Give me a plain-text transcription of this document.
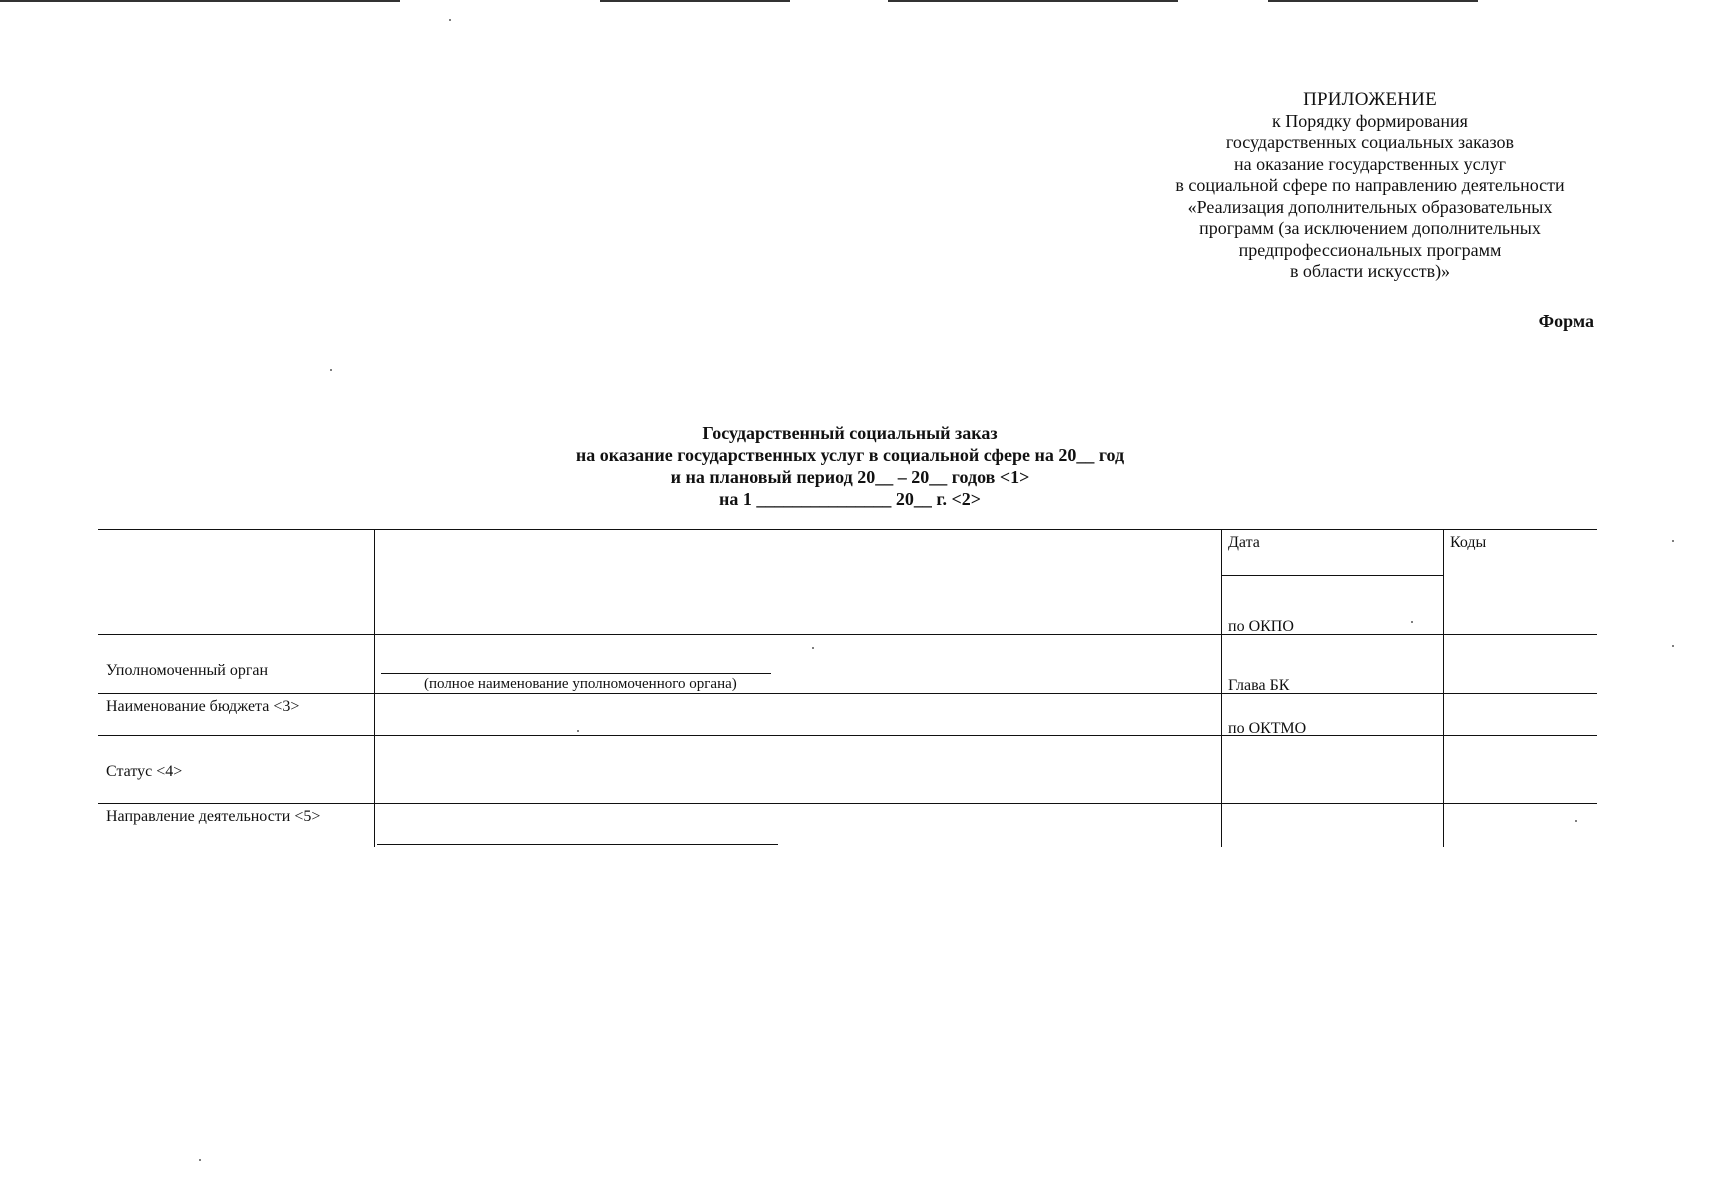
ПРИЛОЖЕНИЕ
к Порядку формирования
государственных социальных заказов
на оказание государственных услуг
в социальной сфере по направлению деятельности
«Реализация дополнительных образовательных
программ (за исключением дополнительных
предпрофессиональных программ
в области искусств)»
Форма
Государственный социальный заказ
на оказание государственных услуг в социальной сфере на 20__ год
и на плановый период 20__ – 20__ годов <1>
на 1 _______________ 20__ г. <2>
Дата	Коды
по ОКПО
Уполномоченный орган
(полное наименование уполномоченного органа)	Глава БК
Наименование бюджета <3>
по ОКТМО
Статус <4>
Направление деятельности <5>
